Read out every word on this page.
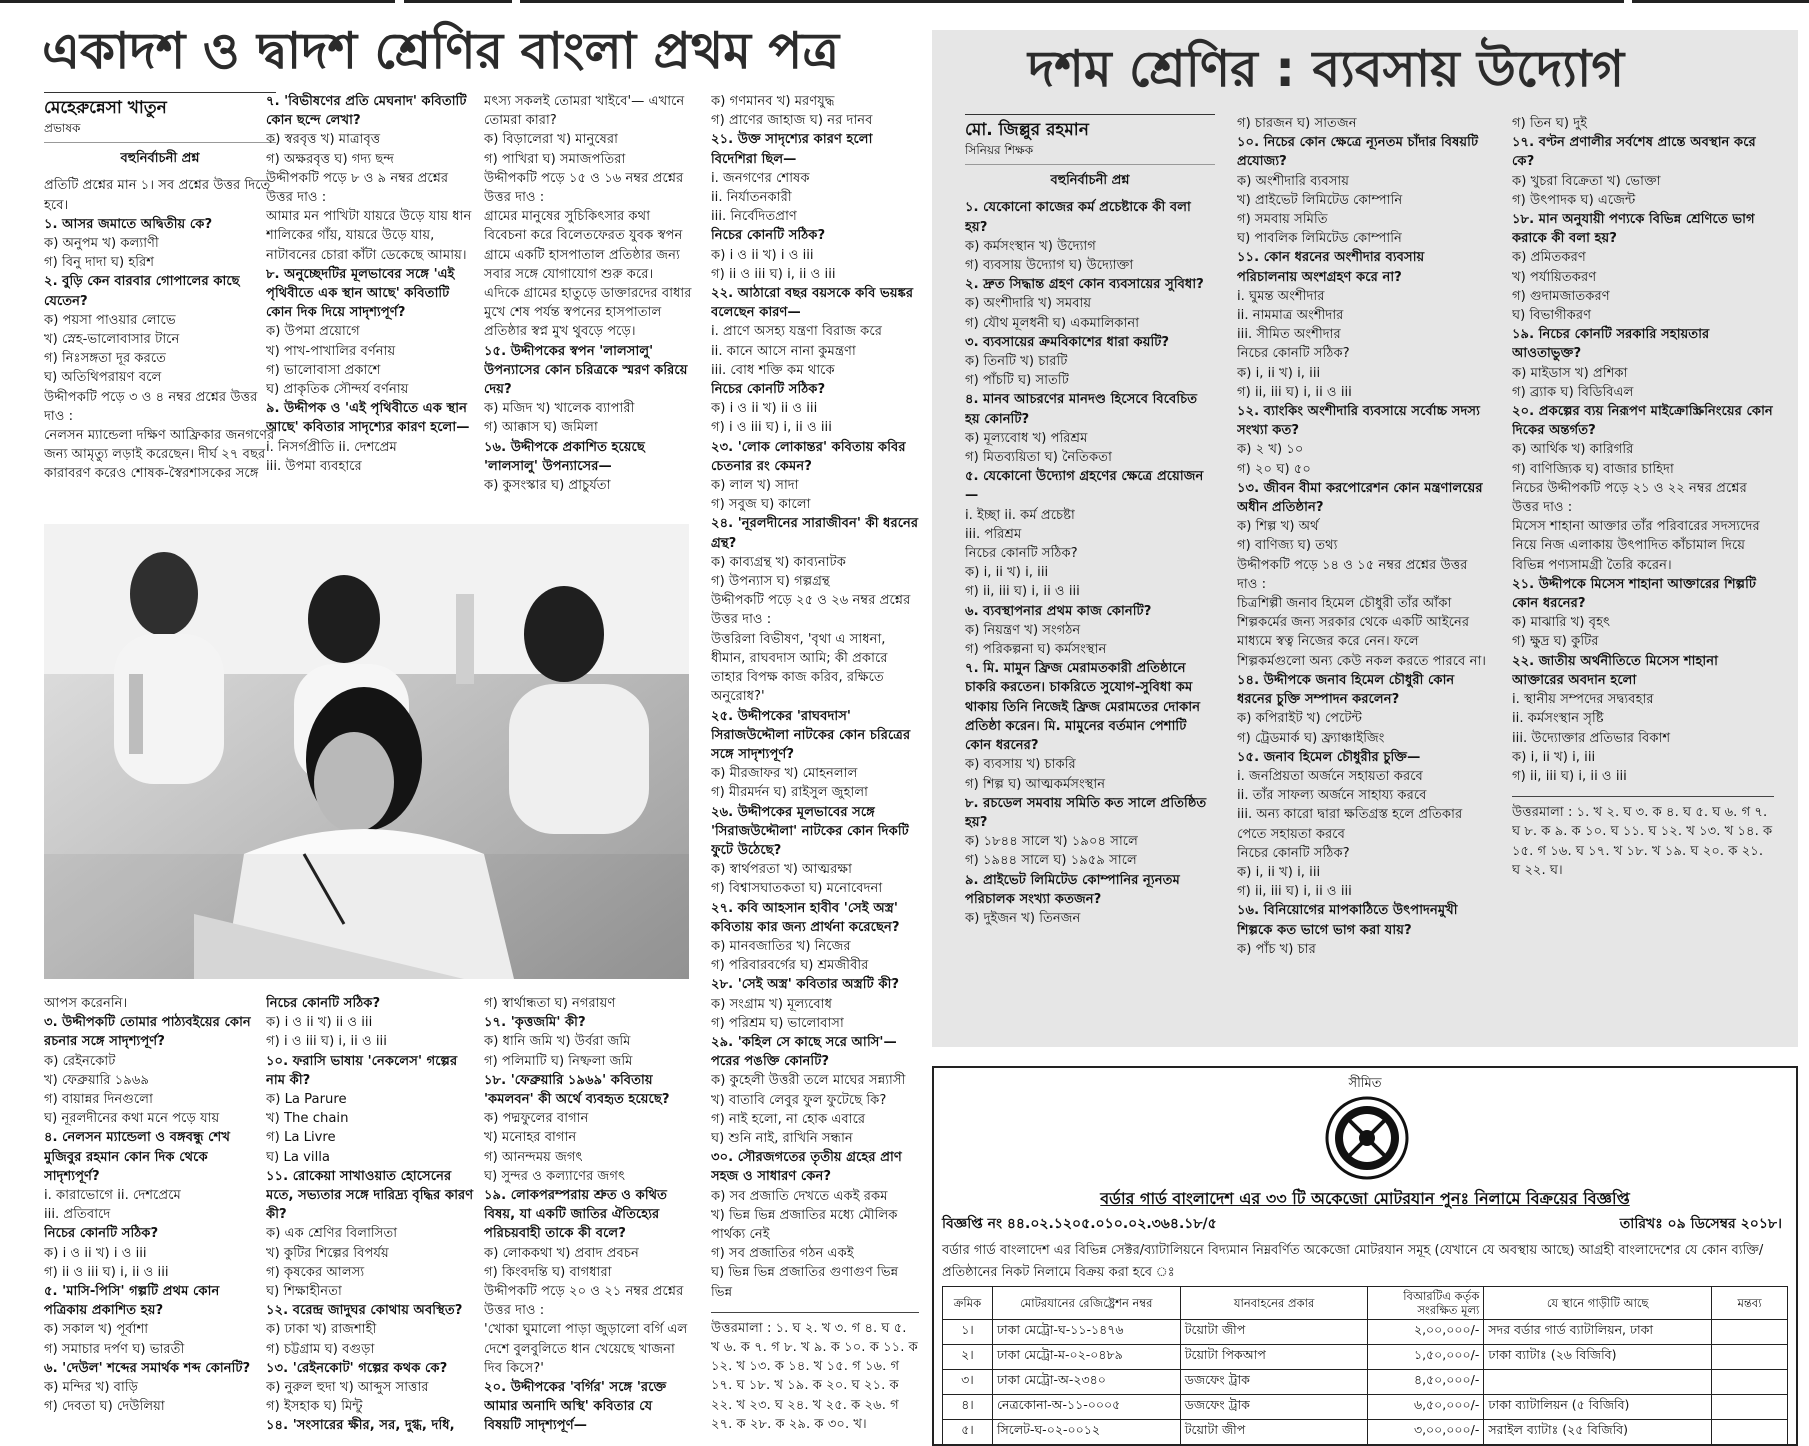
একাদশ ও দ্বাদশ শ্রেণির বাংলা প্রথম পত্র	দশম শ্রেণির : ব্যবসায় উদ্যোগ
মেহেরুন্নেসা খাতুন
প্রভাষক
বহুনির্বাচনী প্রশ্ন
প্রতিটি প্রশ্নের মান ১। সব প্রশ্নের উত্তর দিতে হবে।
১. আসর জমাতে অদ্বিতীয় কে?
ক) অনুপম খ) কল্যাণী
গ) বিনু দাদা ঘ) হরিশ
২. বুড়ি কেন বারবার গোপালের কাছে যেতেন?
ক) পয়সা পাওয়ার লোভে
খ) স্নেহ-ভালোবাসার টানে
গ) নিঃসঙ্গতা দূর করতে
ঘ) অতিথিপরায়ণ বলে
উদ্দীপকটি পড়ে ৩ ও ৪ নম্বর প্রশ্নের উত্তর দাও :
নেলসন ম্যান্ডেলা দক্ষিণ আফ্রিকার জনগণের জন্য আমৃত্যু লড়াই করেছেন। দীর্ঘ ২৭ বছর কারাবরণ করেও শোষক-স্বৈরশাসকের সঙ্গে
৭. 'বিভীষণের প্রতি মেঘনাদ' কবিতাটি কোন ছন্দে লেখা?
ক) স্বরবৃত্ত খ) মাত্রাবৃত্ত
গ) অক্ষরবৃত্ত ঘ) গদ্য ছন্দ
উদ্দীপকটি পড়ে ৮ ও ৯ নম্বর প্রশ্নের উত্তর দাও :
আমার মন পাখিটা যায়রে উড়ে যায় ধান শালিকের গাঁয়, যায়রে উড়ে যায়, নাটাবনের চোরা কাঁটা ডেকেছে আমায়।
৮. অনুচ্ছেদটির মূলভাবের সঙ্গে 'এই পৃথিবীতে এক স্থান আছে' কবিতাটি কোন দিক দিয়ে সাদৃশ্যপূর্ণ?
ক) উপমা প্রয়োগে
খ) পাখ-পাখালির বর্ণনায়
গ) ভালোবাসা প্রকাশে
ঘ) প্রাকৃতিক সৌন্দর্য বর্ণনায়
৯. উদ্দীপক ও 'এই পৃথিবীতে এক স্থান আছে' কবিতার সাদৃশ্যের কারণ হলো—
i. নিসর্গপ্রীতি ii. দেশপ্রেম
iii. উপমা ব্যবহারে
মৎস্য সকলই তোমরা খাইবে'— এখানে তোমরা কারা?
ক) বিড়ালেরা খ) মানুষেরা
গ) পাখিরা ঘ) সমাজপতিরা
উদ্দীপকটি পড়ে ১৫ ও ১৬ নম্বর প্রশ্নের উত্তর দাও :
গ্রামের মানুষের সুচিকিৎসার কথা বিবেচনা করে বিলেতফেরত যুবক স্বপন গ্রামে একটি হাসপাতাল প্রতিষ্ঠার জন্য সবার সঙ্গে যোগাযোগ শুরু করে। এদিকে গ্রামের হাতুড়ে ডাক্তারদের বাধার মুখে শেষ পর্যন্ত স্বপনের হাসপাতাল প্রতিষ্ঠার স্বপ্ন মুখ থুবড়ে পড়ে।
১৫. উদ্দীপকের স্বপন 'লালসালু' উপন্যাসের কোন চরিত্রকে স্মরণ করিয়ে দেয়?
ক) মজিদ খ) খালেক ব্যাপারী
গ) আক্কাস ঘ) জমিলা
১৬. উদ্দীপকে প্রকাশিত হয়েছে 'লালসালু' উপন্যাসের—
ক) কুসংস্কার ঘ) প্রাচুর্যতা
ক) গণমানব খ) মরণযুদ্ধ
গ) প্রাণের জাহাজ ঘ) নর দানব
২১. উক্ত সাদৃশ্যের কারণ হলো বিদেশিরা ছিল—
i. জনগণের শোষক
ii. নির্যাতনকারী
iii. নির্বেদিতপ্রাণ
নিচের কোনটি সঠিক?
ক) i ও ii খ) i ও iii
গ) ii ও iii ঘ) i, ii ও iii
২২. আঠারো বছর বয়সকে কবি ভয়ঙ্কর বলেছেন কারণ—
i. প্রাণে অসহ্য যন্ত্রণা বিরাজ করে
ii. কানে আসে নানা কুমন্ত্রণা
iii. বোধ শক্তি কম থাকে
নিচের কোনটি সঠিক?
ক) i ও ii খ) ii ও iii
গ) i ও iii ঘ) i, ii ও iii
২৩. 'লোক লোকান্তর' কবিতায় কবির চেতনার রং কেমন?
ক) লাল খ) সাদা
গ) সবুজ ঘ) কালো
২৪. 'নূরলদীনের সারাজীবন' কী ধরনের গ্রন্থ?
ক) কাব্যগ্রন্থ খ) কাব্যনাটক
গ) উপন্যাস ঘ) গল্পগ্রন্থ
উদ্দীপকটি পড়ে ২৫ ও ২৬ নম্বর প্রশ্নের উত্তর দাও :
উত্তরিলা বিভীষণ, 'বৃথা এ সাধনা, ধীমান, রাঘবদাস আমি; কী প্রকারে তাহার বিপক্ষ কাজ করিব, রক্ষিতে অনুরোধ?'
২৫. উদ্দীপকের 'রাঘবদাস' সিরাজউদ্দৌলা নাটকের কোন চরিত্রের সঙ্গে সাদৃশ্যপূর্ণ?
ক) মীরজাফর খ) মোহনলাল
গ) মীরমর্দন ঘ) রাইসুল জুহালা
২৬. উদ্দীপকের মূলভাবের সঙ্গে 'সিরাজউদ্দৌলা' নাটকের কোন দিকটি ফুটে উঠেছে?
ক) স্বার্থপরতা খ) আত্মরক্ষা
গ) বিশ্বাসঘাতকতা ঘ) মনোবেদনা
২৭. কবি আহসান হাবীব 'সেই অস্ত্র' কবিতায় কার জন্য প্রার্থনা করেছেন?
ক) মানবজাতির খ) নিজের
গ) পরিবারবর্গের ঘ) শ্রমজীবীর
২৮. 'সেই অস্ত্র' কবিতার অস্ত্রটি কী?
ক) সংগ্রাম খ) মূল্যবোধ
গ) পরিশ্রম ঘ) ভালোবাসা
২৯. 'কহিল সে কাছে সরে আসি'—পরের পঙক্তি কোনটি?
ক) কুহেলী উত্তরী তলে মাঘের সন্ন্যাসী
খ) বাতাবি লেবুর ফুল ফুটেছে কি?
গ) নাই হলো, না হোক এবারে
ঘ) শুনি নাই, রাখিনি সন্ধান
৩০. সৌরজগতের তৃতীয় গ্রহের প্রাণ সহজ ও সাধারণ কেন?
ক) সব প্রজাতি দেখতে একই রকম
খ) ভিন্ন ভিন্ন প্রজাতির মধ্যে মৌলিক পার্থক্য নেই
গ) সব প্রজাতির গঠন একই
ঘ) ভিন্ন ভিন্ন প্রজাতির গুণাগুণ ভিন্ন ভিন্ন
উত্তরমালা : ১. ঘ ২. খ ৩. গ ৪. ঘ ৫. খ ৬. ক ৭. গ ৮. খ ৯. ক ১০. ক ১১. ক ১২. খ ১৩. ক ১৪. খ ১৫. গ ১৬. গ ১৭. ঘ ১৮. খ ১৯. ক ২০. ঘ ২১. ক ২২. খ ২৩. ঘ ২৪. খ ২৫. ক ২৬. গ ২৭. ক ২৮. ক ২৯. ক ৩০. খ।
আপস করেননি।
৩. উদ্দীপকটি তোমার পাঠ্যবইয়ের কোন রচনার সঙ্গে সাদৃশ্যপূর্ণ?
ক) রেইনকোট
খ) ফেব্রুয়ারি ১৯৬৯
গ) বায়ান্নর দিনগুলো
ঘ) নূরলদীনের কথা মনে পড়ে যায়
৪. নেলসন ম্যান্ডেলা ও বঙ্গবন্ধু শেখ মুজিবুর রহমান কোন দিক থেকে সাদৃশ্যপূর্ণ?
i. কারাভোগে ii. দেশপ্রেমে
iii. প্রতিবাদে
নিচের কোনটি সঠিক?
ক) i ও ii খ) i ও iii
গ) ii ও iii ঘ) i, ii ও iii
৫. 'মাসি-পিসি' গল্পটি প্রথম কোন পত্রিকায় প্রকাশিত হয়?
ক) সকাল খ) পূর্বাশা
গ) সমাচার দর্পণ ঘ) ভারতী
৬. 'দেউল' শব্দের সমার্থক শব্দ কোনটি?
ক) মন্দির খ) বাড়ি
গ) দেবতা ঘ) দেউলিয়া
নিচের কোনটি সঠিক?
ক) i ও ii খ) ii ও iii
গ) i ও iii ঘ) i, ii ও iii
১০. ফরাসি ভাষায় 'নেকলেস' গল্পের নাম কী?
ক) La Parure
খ) The chain
গ) La Livre
ঘ) La villa
১১. রোকেয়া সাখাওয়াত হোসেনের মতে, সভ্যতার সঙ্গে দারিদ্র্য বৃদ্ধির কারণ কী?
ক) এক শ্রেণির বিলাসিতা
খ) কুটির শিল্পের বিপর্যয়
গ) কৃষকের আলস্য
ঘ) শিক্ষাহীনতা
১২. বরেন্দ্র জাদুঘর কোথায় অবস্থিত?
ক) ঢাকা খ) রাজশাহী
গ) চট্টগ্রাম ঘ) বগুড়া
১৩. 'রেইনকোট' গল্পের কথক কে?
ক) নুরুল হুদা খ) আব্দুস সাত্তার
গ) ইসহাক ঘ) মিন্টু
১৪. 'সংসারের ক্ষীর, সর, দুগ্ধ, দধি,
গ) স্বার্থান্ধতা ঘ) নগরায়ণ
১৭. 'কৃত্তজমি' কী?
ক) ধানি জমি খ) উর্বরা জমি
গ) পলিমাটি ঘ) নিষ্ফলা জমি
১৮. 'ফেব্রুয়ারি ১৯৬৯' কবিতায় 'কমলবন' কী অর্থে ব্যবহৃত হয়েছে?
ক) পদ্মফুলের বাগান
খ) মনোহর বাগান
গ) আনন্দময় জগৎ
ঘ) সুন্দর ও কল্যাণের জগৎ
১৯. লোকপরম্পরায় শ্রুত ও কথিত বিষয়, যা একটি জাতির ঐতিহ্যের পরিচয়বাহী তাকে কী বলে?
ক) লোককথা খ) প্রবাদ প্রবচন
গ) কিংবদন্তি ঘ) বাগধারা
উদ্দীপকটি পড়ে ২০ ও ২১ নম্বর প্রশ্নের উত্তর দাও :
'খোকা ঘুমালো পাড়া জুড়ালো বর্গি এল দেশে বুলবুলিতে ধান খেয়েছে খাজনা দিব কিসে?'
২০. উদ্দীপকের 'বর্গির' সঙ্গে 'রক্তে আমার অনাদি অস্থি' কবিতার যে বিষয়টি সাদৃশ্যপূর্ণ—
মো. জিল্লুর রহমান
সিনিয়র শিক্ষক
বহুনির্বাচনী প্রশ্ন
১. যেকোনো কাজের কর্ম প্রচেষ্টাকে কী বলা হয়?
ক) কর্মসংস্থান খ) উদ্যোগ
গ) ব্যবসায় উদ্যোগ ঘ) উদ্যোক্তা
২. দ্রুত সিদ্ধান্ত গ্রহণ কোন ব্যবসায়ের সুবিধা?
ক) অংশীদারি খ) সমবায়
গ) যৌথ মূলধনী ঘ) একমালিকানা
৩. ব্যবসায়ের ক্রমবিকাশের ধারা কয়টি?
ক) তিনটি খ) চারটি
গ) পাঁচটি ঘ) সাতটি
৪. মানব আচরণের মানদণ্ড হিসেবে বিবেচিত হয় কোনটি?
ক) মূল্যবোধ খ) পরিশ্রম
গ) মিতব্যয়িতা ঘ) নৈতিকতা
৫. যেকোনো উদ্যোগ গ্রহণের ক্ষেত্রে প্রয়োজন—
i. ইচ্ছা ii. কর্ম প্রচেষ্টা
iii. পরিশ্রম
নিচের কোনটি সঠিক?
ক) i, ii খ) i, iii
গ) ii, iii ঘ) i, ii ও iii
৬. ব্যবস্থাপনার প্রথম কাজ কোনটি?
ক) নিয়ন্ত্রণ খ) সংগঠন
গ) পরিকল্পনা ঘ) কর্মসংস্থান
৭. মি. মামুন ফ্রিজ মেরামতকারী প্রতিষ্ঠানে চাকরি করতেন। চাকরিতে সুযোগ-সুবিধা কম থাকায় তিনি নিজেই ফ্রিজ মেরামতের দোকান প্রতিষ্ঠা করেন। মি. মামুনের বর্তমান পেশাটি কোন ধরনের?
ক) ব্যবসায় খ) চাকরি
গ) শিল্প ঘ) আত্মকর্মসংস্থান
৮. রচডেল সমবায় সমিতি কত সালে প্রতিষ্ঠিত হয়?
ক) ১৮৪৪ সালে খ) ১৯০৪ সালে
গ) ১৯৪৪ সালে ঘ) ১৯৫৯ সালে
৯. প্রাইভেট লিমিটেড কোম্পানির ন্যূনতম পরিচালক সংখ্যা কতজন?
ক) দুইজন খ) তিনজন
গ) চারজন ঘ) সাতজন
১০. নিচের কোন ক্ষেত্রে ন্যূনতম চাঁদার বিষয়টি প্রযোজ্য?
ক) অংশীদারি ব্যবসায়
খ) প্রাইভেট লিমিটেড কোম্পানি
গ) সমবায় সমিতি
ঘ) পাবলিক লিমিটেড কোম্পানি
১১. কোন ধরনের অংশীদার ব্যবসায় পরিচালনায় অংশগ্রহণ করে না?
i. ঘুমন্ত অংশীদার
ii. নামমাত্র অংশীদার
iii. সীমিত অংশীদার
নিচের কোনটি সঠিক?
ক) i, ii খ) i, iii
গ) ii, iii ঘ) i, ii ও iii
১২. ব্যাংকিং অংশীদারি ব্যবসায়ে সর্বোচ্চ সদস্য সংখ্যা কত?
ক) ২ খ) ১০
গ) ২০ ঘ) ৫০
১৩. জীবন বীমা করপোরেশন কোন মন্ত্রণালয়ের অধীন প্রতিষ্ঠান?
ক) শিল্প খ) অর্থ
গ) বাণিজ্য ঘ) তথ্য
উদ্দীপকটি পড়ে ১৪ ও ১৫ নম্বর প্রশ্নের উত্তর দাও :
চিত্রশিল্পী জনাব হিমেল চৌধুরী তাঁর আঁকা শিল্পকর্মের জন্য সরকার থেকে একটি আইনের মাধ্যমে স্বত্ব নিজের করে নেন। ফলে শিল্পকর্মগুলো অন্য কেউ নকল করতে পারবে না।
১৪. উদ্দীপকে জনাব হিমেল চৌধুরী কোন ধরনের চুক্তি সম্পাদন করলেন?
ক) কপিরাইট খ) পেটেন্ট
গ) ট্রেডমার্ক ঘ) ফ্র্যাঞ্চাইজিং
১৫. জনাব হিমেল চৌধুরীর চুক্তি—
i. জনপ্রিয়তা অর্জনে সহায়তা করবে
ii. তাঁর সাফল্য অর্জনে সাহায্য করবে
iii. অন্য কারো দ্বারা ক্ষতিগ্রস্ত হলে প্রতিকার পেতে সহায়তা করবে
নিচের কোনটি সঠিক?
ক) i, ii খ) i, iii
গ) ii, iii ঘ) i, ii ও iii
১৬. বিনিয়োগের মাপকাঠিতে উৎপাদনমুখী শিল্পকে কত ভাগে ভাগ করা যায়?
ক) পাঁচ খ) চার
গ) তিন ঘ) দুই
১৭. বণ্টন প্রণালীর সর্বশেষ প্রান্তে অবস্থান করে কে?
ক) খুচরা বিক্রেতা খ) ভোক্তা
গ) উৎপাদক ঘ) এজেন্ট
১৮. মান অনুযায়ী পণ্যকে বিভিন্ন শ্রেণিতে ভাগ করাকে কী বলা হয়?
ক) প্রমিতকরণ
খ) পর্যায়িতকরণ
গ) গুদামজাতকরণ
ঘ) বিভাগীকরণ
১৯. নিচের কোনটি সরকারি সহায়তার আওতাভুক্ত?
ক) মাইডাস খ) প্রশিকা
গ) ব্র্যাক ঘ) বিডিবিএল
২০. প্রকল্পের ব্যয় নিরূপণ মাইক্রোস্ক্রিনিংয়ের কোন দিকের অন্তর্গত?
ক) আর্থিক খ) কারিগরি
গ) বাণিজ্যিক ঘ) বাজার চাহিদা
নিচের উদ্দীপকটি পড়ে ২১ ও ২২ নম্বর প্রশ্নের উত্তর দাও :
মিসেস শাহানা আক্তার তাঁর পরিবারের সদস্যদের নিয়ে নিজ এলাকায় উৎপাদিত কাঁচামাল দিয়ে বিভিন্ন পণ্যসামগ্রী তৈরি করেন।
২১. উদ্দীপকে মিসেস শাহানা আক্তারের শিল্পটি কোন ধরনের?
ক) মাঝারি খ) বৃহৎ
গ) ক্ষুদ্র ঘ) কুটির
২২. জাতীয় অর্থনীতিতে মিসেস শাহানা আক্তারের অবদান হলো
i. স্থানীয় সম্পদের সদ্ব্যবহার
ii. কর্মসংস্থান সৃষ্টি
iii. উদ্যোক্তার প্রতিভার বিকাশ
ক) i, ii খ) i, iii
গ) ii, iii ঘ) i, ii ও iii
উত্তরমালা : ১. খ ২. ঘ ৩. ক ৪. ঘ ৫. ঘ ৬. গ ৭. ঘ ৮. ক ৯. ক ১০. ঘ ১১. ঘ ১২. খ ১৩. খ ১৪. ক ১৫. গ ১৬. ঘ ১৭. খ ১৮. খ ১৯. ঘ ২০. ক ২১. ঘ ২২. ঘ।
সীমিত
বর্ডার গার্ড বাংলাদেশ এর ৩৩ টি অকেজো মোটরযান পুনঃ নিলামে বিক্রয়ের বিজ্ঞপ্তি
বিজ্ঞপ্তি নং ৪৪.০২.১২০৫.০১০.০২.৩৬৪.১৮/৫	তারিখঃ ০৯ ডিসেম্বর ২০১৮।
বর্ডার গার্ড বাংলাদেশ এর বিভিন্ন সেক্টর/ব্যাটালিয়নে বিদ্যমান নিম্নবর্ণিত অকেজো মোটরযান সমূহ (যেখানে যে অবস্থায় আছে) আগ্রহী বাংলাদেশের যে কোন ব্যক্তি/প্রতিষ্ঠানের নিকট নিলামে বিক্রয় করা হবে ঃ
ক্রমিক	মোটরযানের রেজিষ্ট্রেশন নম্বর	যানবাহনের প্রকার	বিআরটিএ কর্তৃক সংরক্ষিত মূল্য	যে স্থানে গাড়ীটি আছে	মন্তব্য
১।	ঢাকা মেট্রো-ঘ-১১-১৪৭৬	টয়োটা জীপ	২,০০,০০০/-	সদর বর্ডার গার্ড ব্যাটালিয়ন, ঢাকা	
২।	ঢাকা মেট্রো-ম-০২-০৪৮৯	টয়োটা পিকআপ	১,৫০,০০০/-	ঢাকা ব্যাটাঃ (২৬ বিজিবি)	
৩।	ঢাকা মেট্রো-অ-২৩৪০	ডজফেং ট্রাক	৪,৫০,০০০/-		
৪।	নেত্রকোনা-অ-১১-০০০৫	ডজফেং ট্রাক	৬,৫০,০০০/-	ঢাকা ব্যাটালিয়ন (৫ বিজিবি)	
৫।	সিলেট-ঘ-০২-০০১২	টয়োটা জীপ	৩,০০,০০০/-	সরাইল ব্যাটাঃ (২৫ বিজিবি)	
